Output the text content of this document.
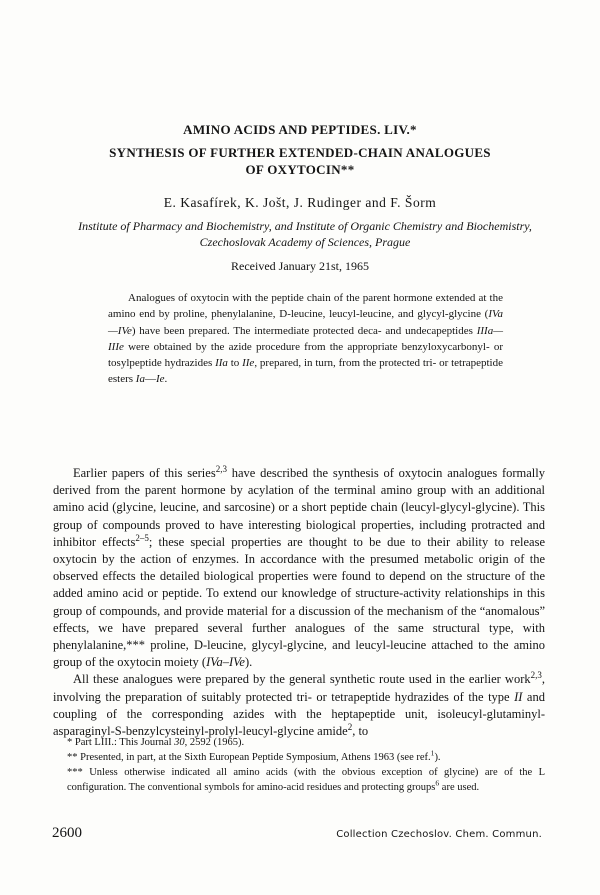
AMINO ACIDS AND PEPTIDES. LIV.*
SYNTHESIS OF FURTHER EXTENDED-CHAIN ANALOGUES
OF OXYTOCIN**
E. Kasafírek, K. Jošt, J. Rudinger and F. Šorm
Institute of Pharmacy and Biochemistry, and Institute of Organic Chemistry and Biochemistry,
Czechoslovak Academy of Sciences, Prague
Received January 21st, 1965

Analogues of oxytocin with the peptide chain of the parent hormone extended at the amino end by proline, phenylalanine, D-leucine, leucyl-leucine, and glycyl-glycine (IVa—IVe) have been prepared. The intermediate protected deca- and undecapeptides IIIa—IIIe were obtained by the azide procedure from the appropriate benzyloxycarbonyl- or tosylpeptide hydrazides IIa to IIe, prepared, in turn, from the protected tri- or tetrapeptide esters Ia—Ie.

Earlier papers of this series$^{2,3}$ have described the synthesis of oxytocin analogues formally derived from the parent hormone by acylation of the terminal amino group with an additional amino acid (glycine, leucine, and sarcosine) or a short peptide chain (leucyl-glycyl-glycine). This group of compounds proved to have interesting biological properties, including protracted and inhibitor effects$^{2-5}$; these special properties are thought to be due to their ability to release oxytocin by the action of enzymes. In accordance with the presumed metabolic origin of the observed effects the detailed biological properties were found to depend on the structure of the added amino acid or peptide. To extend our knowledge of structure-activity relationships in this group of compounds, and provide material for a discussion of the mechanism of the “anomalous” effects, we have prepared several further analogues of the same structural type, with phenylalanine,*** proline, D-leucine, glycyl-glycine, and leucyl-leucine attached to the amino group of the oxytocin moiety (IVa–IVe).

All these analogues were prepared by the general synthetic route used in the earlier work$^{2,3}$, involving the preparation of suitably protected tri- or tetrapeptide hydrazides of the type II and coupling of the corresponding azides with the heptapeptide unit, isoleucyl-glutaminyl-asparaginyl-S-benzylcysteinyl-prolyl-leucyl-glycine amide$^2$, to

* Part LIII.: This Journal 30, 2592 (1965).

** Presented, in part, at the Sixth European Peptide Symposium, Athens 1963 (see ref.$^1$).

*** Unless otherwise indicated all amino acids (with the obvious exception of glycine) are of the L configuration. The conventional symbols for amino-acid residues and protecting groups$^6$ are used.

2600	Collection Czechoslov. Chem. Commun.
